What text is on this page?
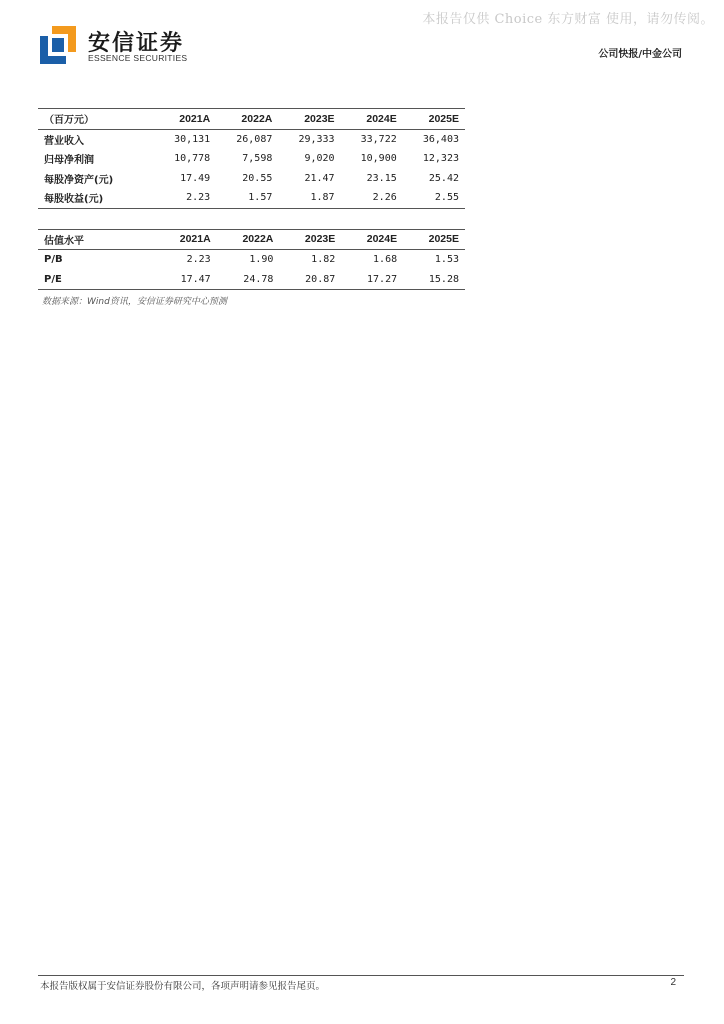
本报告仅供 Choice 东方财富 使用，请勿传阅。
安信证券
ESSENCE SECURITIES	公司快报/中金公司
（百万元）	2021A	2022A	2023E	2024E	2025E
营业收入	30,131	26,087	29,333	33,722	36,403
归母净利润	10,778	7,598	9,020	10,900	12,323
每股净资产(元)	17.49	20.55	21.47	23.15	25.42
每股收益(元)	2.23	1.57	1.87	2.26	2.55
估值水平	2021A	2022A	2023E	2024E	2025E
P/B	2.23	1.90	1.82	1.68	1.53
P/E	17.47	24.78	20.87	17.27	15.28
数据来源：Wind资讯，安信证券研究中心预测
本报告版权属于安信证券股份有限公司，各项声明请参见报告尾页。	2
